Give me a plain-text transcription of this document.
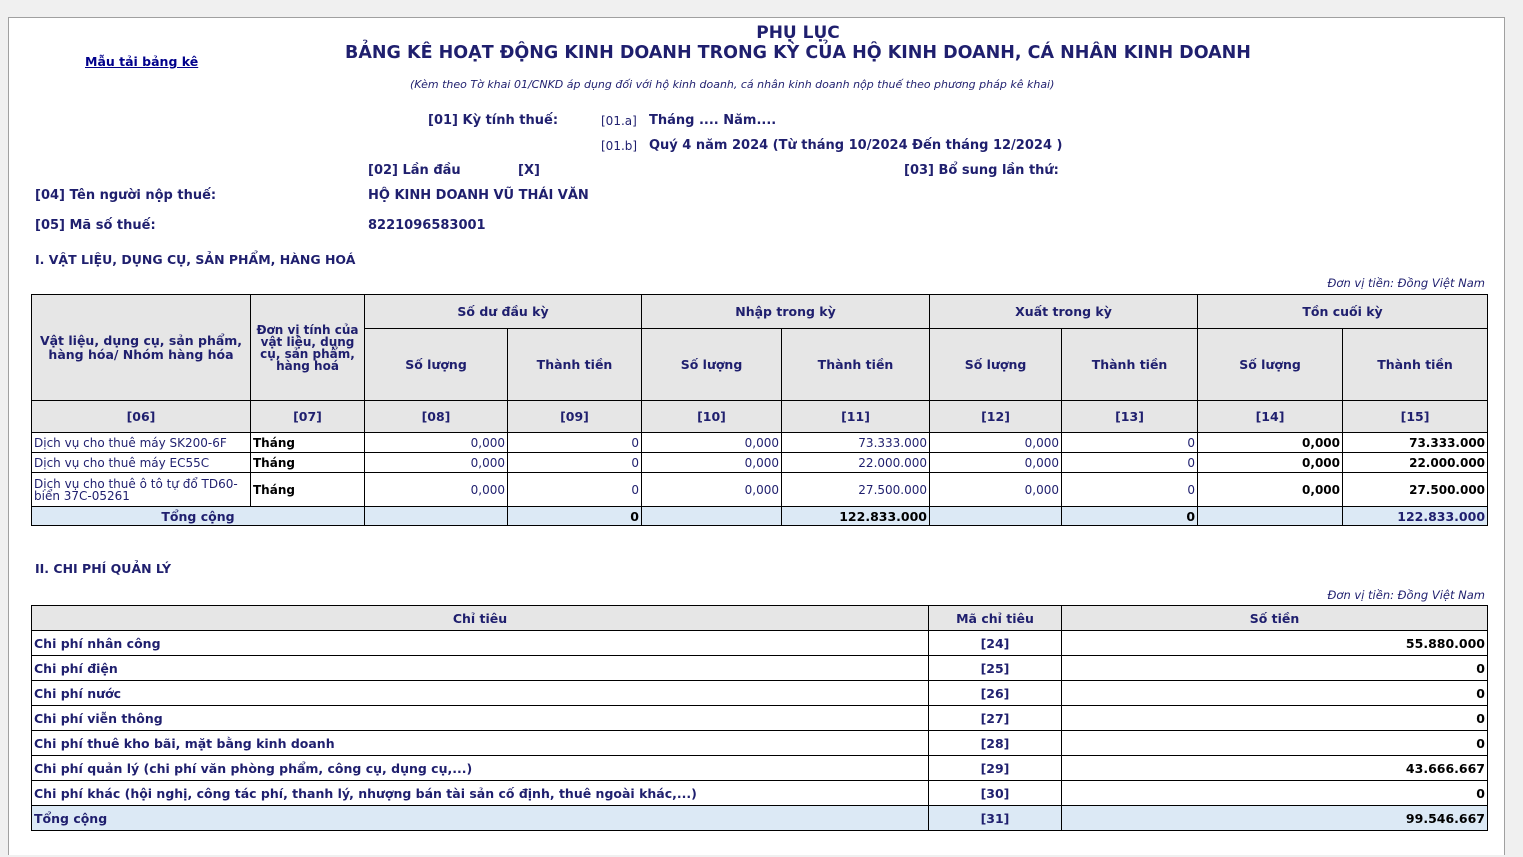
Mẫu tải bảng kê
PHỤ LỤC
BẢNG KÊ HOẠT ĐỘNG KINH DOANH TRONG KỲ CỦA HỘ KINH DOANH, CÁ NHÂN KINH DOANH
(Kèm theo Tờ khai 01/CNKD áp dụng đối với hộ kinh doanh, cá nhân kinh doanh nộp thuế theo phương pháp kê khai)
[01] Kỳ tính thuế:	[01.a] Tháng .... Năm....
[01.b] Quý 4 năm 2024 (Từ tháng 10/2024 Đến tháng 12/2024 )
[02] Lần đầu	[X]	[03] Bổ sung lần thứ:
[04] Tên người nộp thuế:	HỘ KINH DOANH VŨ THÁI VĂN
[05] Mã số thuế:	8221096583001
I. VẬT LIỆU, DỤNG CỤ, SẢN PHẨM, HÀNG HOÁ
Đơn vị tiền: Đồng Việt Nam
Vật liệu, dụng cụ, sản phẩm, hàng hóa/ Nhóm hàng hóa	Đơn vị tính của vật liệu, dụng cụ, sản phẩm, hàng hoá	Số dư đầu kỳ		Nhập trong kỳ		Xuất trong kỳ		Tồn cuối kỳ	
		Số lượng	Thành tiền	Số lượng	Thành tiền	Số lượng	Thành tiền	Số lượng	Thành tiền
[06]	[07]	[08]	[09]	[10]	[11]	[12]	[13]	[14]	[15]
Dịch vụ cho thuê máy SK200-6F	Tháng	0,000	0	0,000	73.333.000	0,000	0	0,000	73.333.000
Dịch vụ cho thuê máy EC55C	Tháng	0,000	0	0,000	22.000.000	0,000	0	0,000	22.000.000
Dịch vụ cho thuê ô tô tự đổ TD60-biển 37C-05261	Tháng	0,000	0	0,000	27.500.000	0,000	0	0,000	27.500.000
Tổng cộng			0		122.833.000		0		122.833.000
II. CHI PHÍ QUẢN LÝ
Đơn vị tiền: Đồng Việt Nam
Chỉ tiêu	Mã chỉ tiêu	Số tiền
Chi phí nhân công	[24]	55.880.000
Chi phí điện	[25]	0
Chi phí nước	[26]	0
Chi phí viễn thông	[27]	0
Chi phí thuê kho bãi, mặt bằng kinh doanh	[28]	0
Chi phí quản lý (chi phí văn phòng phẩm, công cụ, dụng cụ,...)	[29]	43.666.667
Chi phí khác (hội nghị, công tác phí, thanh lý, nhượng bán tài sản cố định, thuê ngoài khác,...)	[30]	0
Tổng cộng	[31]	99.546.667
